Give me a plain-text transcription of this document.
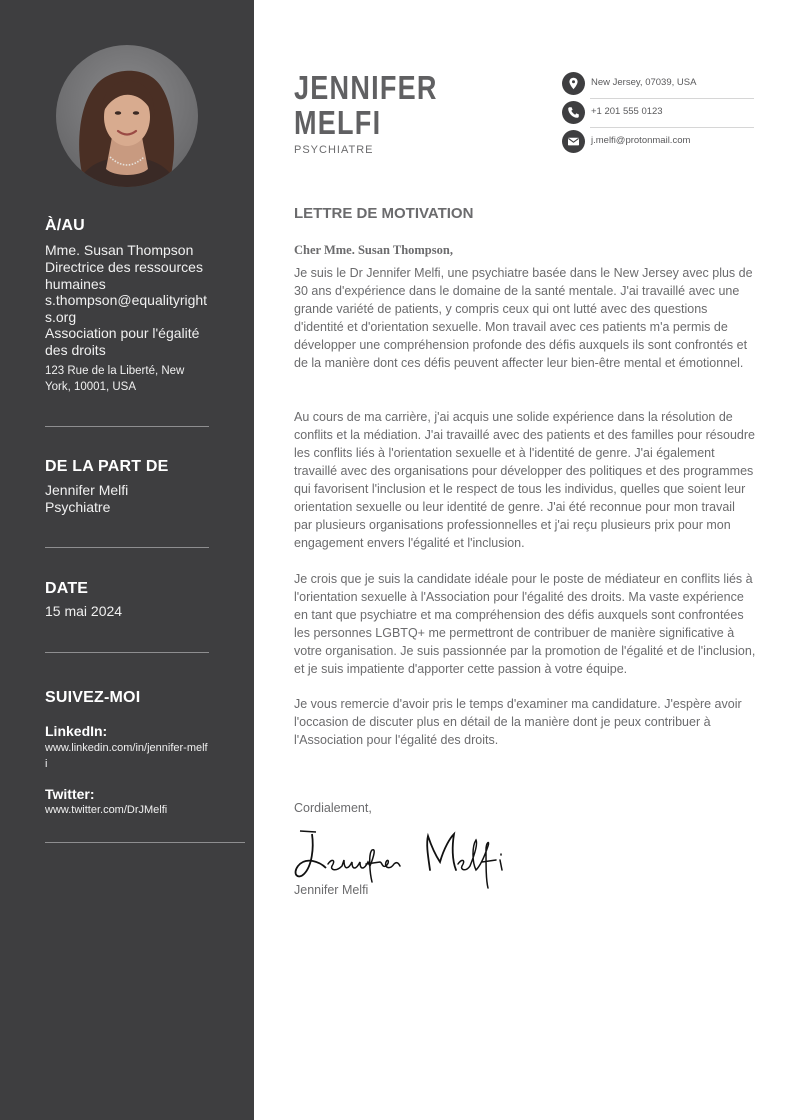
À/AU
Mme. Susan Thompson
Directrice des ressources humaines
s.thompson@equalityrights.org
Association pour l'égalité des droits
123 Rue de la Liberté, New York, 10001, USA
DE LA PART DE
Jennifer Melfi
Psychiatre
DATE
15 mai 2024
SUIVEZ-MOI
LinkedIn:
www.linkedin.com/in/jennifer-melfi
Twitter:
www.twitter.com/DrJMelfi
JENNIFER
MELFI
PSYCHIATRE
New Jersey, 07039, USA
+1 201 555 0123
j.melfi@protonmail.com
LETTRE DE MOTIVATION
Cher Mme. Susan Thompson,

Je suis le Dr Jennifer Melfi, une psychiatre basée dans le New Jersey avec plus de 30 ans d'expérience dans le domaine de la santé mentale. J'ai travaillé avec une grande variété de patients, y compris ceux qui ont lutté avec des questions d'identité et d'orientation sexuelle. Mon travail avec ces patients m'a permis de développer une compréhension profonde des défis auxquels ils sont confrontés et de la manière dont ces défis peuvent affecter leur bien-être mental et émotionnel.

Au cours de ma carrière, j'ai acquis une solide expérience dans la résolution de conflits et la médiation. J'ai travaillé avec des patients et des familles pour résoudre les conflits liés à l'orientation sexuelle et à l'identité de genre. J'ai également travaillé avec des organisations pour développer des politiques et des programmes qui favorisent l'inclusion et le respect de tous les individus, quelles que soient leur orientation sexuelle ou leur identité de genre. J'ai été reconnue pour mon travail par plusieurs organisations professionnelles et j'ai reçu plusieurs prix pour mon engagement envers l'égalité et l'inclusion.

Je crois que je suis la candidate idéale pour le poste de médiateur en conflits liés à l'orientation sexuelle à l'Association pour l'égalité des droits. Ma vaste expérience en tant que psychiatre et ma compréhension des défis auxquels sont confrontées les personnes LGBTQ+ me permettront de contribuer de manière significative à votre organisation. Je suis passionnée par la promotion de l'égalité et de l'inclusion, et je suis impatiente d'apporter cette passion à votre équipe.

Je vous remercie d'avoir pris le temps d'examiner ma candidature. J'espère avoir l'occasion de discuter plus en détail de la manière dont je peux contribuer à l'Association pour l'égalité des droits.

Cordialement,
Jennifer Melfi
